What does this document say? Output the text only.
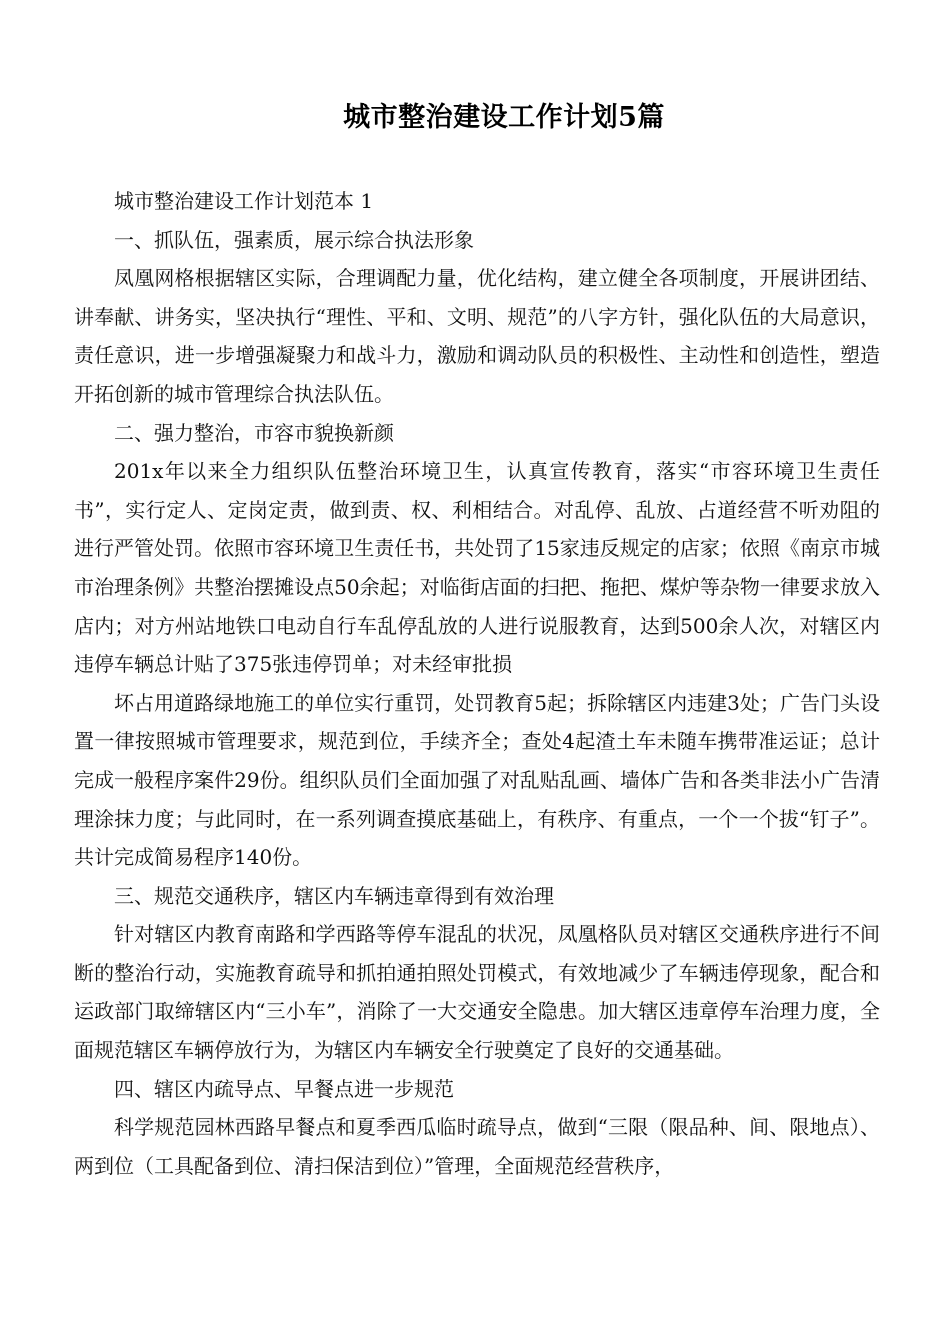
城市整治建设工作计划5篇

城市整治建设工作计划范本 1

一、抓队伍，强素质，展示综合执法形象

凤凰网格根据辖区实际，合理调配力量，优化结构，建立健全各项制度，开展讲团结、讲奉献、讲务实，坚决执行“理性、平和、文明、规范”的八字方针，强化队伍的大局意识，责任意识，进一步增强凝聚力和战斗力，激励和调动队员的积极性、主动性和创造性，塑造开拓创新的城市管理综合执法队伍。

二、强力整治，市容市貌换新颜

201x年以来全力组织队伍整治环境卫生，认真宣传教育，落实“市容环境卫生责任书”，实行定人、定岗定责，做到责、权、利相结合。对乱停、乱放、占道经营不听劝阻的进行严管处罚。依照市容环境卫生责任书，共处罚了15家违反规定的店家；依照《南京市城市治理条例》共整治摆摊设点50余起；对临街店面的扫把、拖把、煤炉等杂物一律要求放入店内；对方州站地铁口电动自行车乱停乱放的人进行说服教育，达到500余人次，对辖区内违停车辆总计贴了375张违停罚单；对未经审批损

坏占用道路绿地施工的单位实行重罚，处罚教育5起；拆除辖区内违建3处；广告门头设置一律按照城市管理要求，规范到位，手续齐全；查处4起渣土车未随车携带准运证；总计完成一般程序案件29份。组织队员们全面加强了对乱贴乱画、墙体广告和各类非法小广告清理涂抹力度；与此同时，在一系列调查摸底基础上，有秩序、有重点，一个一个拔“钉子”。共计完成简易程序140份。

三、规范交通秩序，辖区内车辆违章得到有效治理

针对辖区内教育南路和学西路等停车混乱的状况，凤凰格队员对辖区交通秩序进行不间断的整治行动，实施教育疏导和抓拍通拍照处罚模式，有效地减少了车辆违停现象，配合和运政部门取缔辖区内“三小车”，消除了一大交通安全隐患。加大辖区违章停车治理力度，全面规范辖区车辆停放行为，为辖区内车辆安全行驶奠定了良好的交通基础。

四、辖区内疏导点、早餐点进一步规范

科学规范园林西路早餐点和夏季西瓜临时疏导点，做到“三限（限品种、间、限地点）、两到位（工具配备到位、清扫保洁到位）”管理，全面规范经营秩序，
